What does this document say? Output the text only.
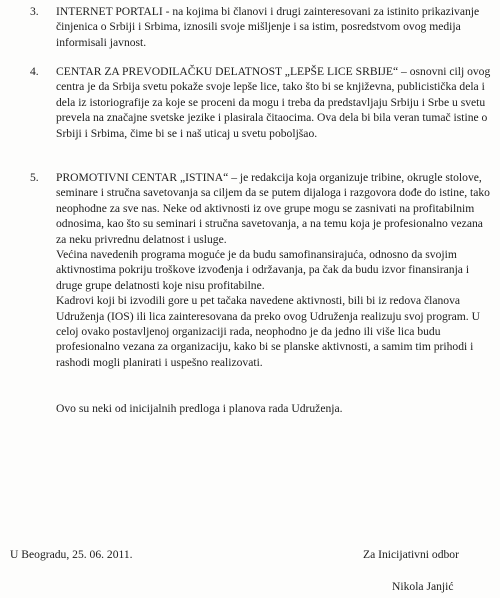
3.	INTERNET PORTALI - na kojima bi članovi i drugi zainteresovani za istinito prikazivanje činjenica o Srbiji i Srbima, iznosili svoje mišljenje i sa istim, posredstvom ovog medija informisali javnost.

4.	CENTAR ZA PREVODILAČKU DELATNOST „LEPŠE LICE SRBIJE“ – osnovni cilj ovog centra je da Srbija svetu pokaže svoje lepše lice, tako što bi se književna, publicistička dela i dela iz istoriografije za koje se proceni da mogu i treba da predstavljaju Srbiju i Srbe u svetu prevela na značajne svetske jezike i plasirala čitaocima. Ova dela bi bila veran tumač istine o Srbiji i Srbima, čime bi se i naš uticaj u svetu poboljšao.

5.	PROMOTIVNI CENTAR „ISTINA“ – je redakcija koja organizuje tribine, okrugle stolove, seminare i stručna savetovanja sa ciljem da se putem dijaloga i razgovora dođe do istine, tako neophodne za sve nas. Neke od aktivnosti iz ove grupe mogu se zasnivati na profitabilnim odnosima, kao što su seminari i stručna savetovanja, a na temu koja je profesionalno vezana za neku privrednu delatnost i usluge.

Većina navedenih programa moguće je da budu samofinansirajuća, odnosno da svojim aktivnostima pokriju troškove izvođenja i održavanja, pa čak da budu izvor finansiranja i druge grupe delatnosti koje nisu profitabilne.

Kadrovi koji bi izvodili gore u pet tačaka navedene aktivnosti, bili bi iz redova članova Udruženja (IOS) ili lica zainteresovana da preko ovog Udruženja realizuju svoj program. U celoj ovako postavljenoj organizaciji rada, neophodno je da jedno ili više lica budu profesionalno vezana za organizaciju, kako bi se planske aktivnosti, a samim tim prihodi i rashodi mogli planirati i uspešno realizovati.

Ovo su neki od inicijalnih predloga i planova rada Udruženja.
U Beogradu, 25. 06. 2011.	Za Inicijativni odbor
Nikola Janjić
